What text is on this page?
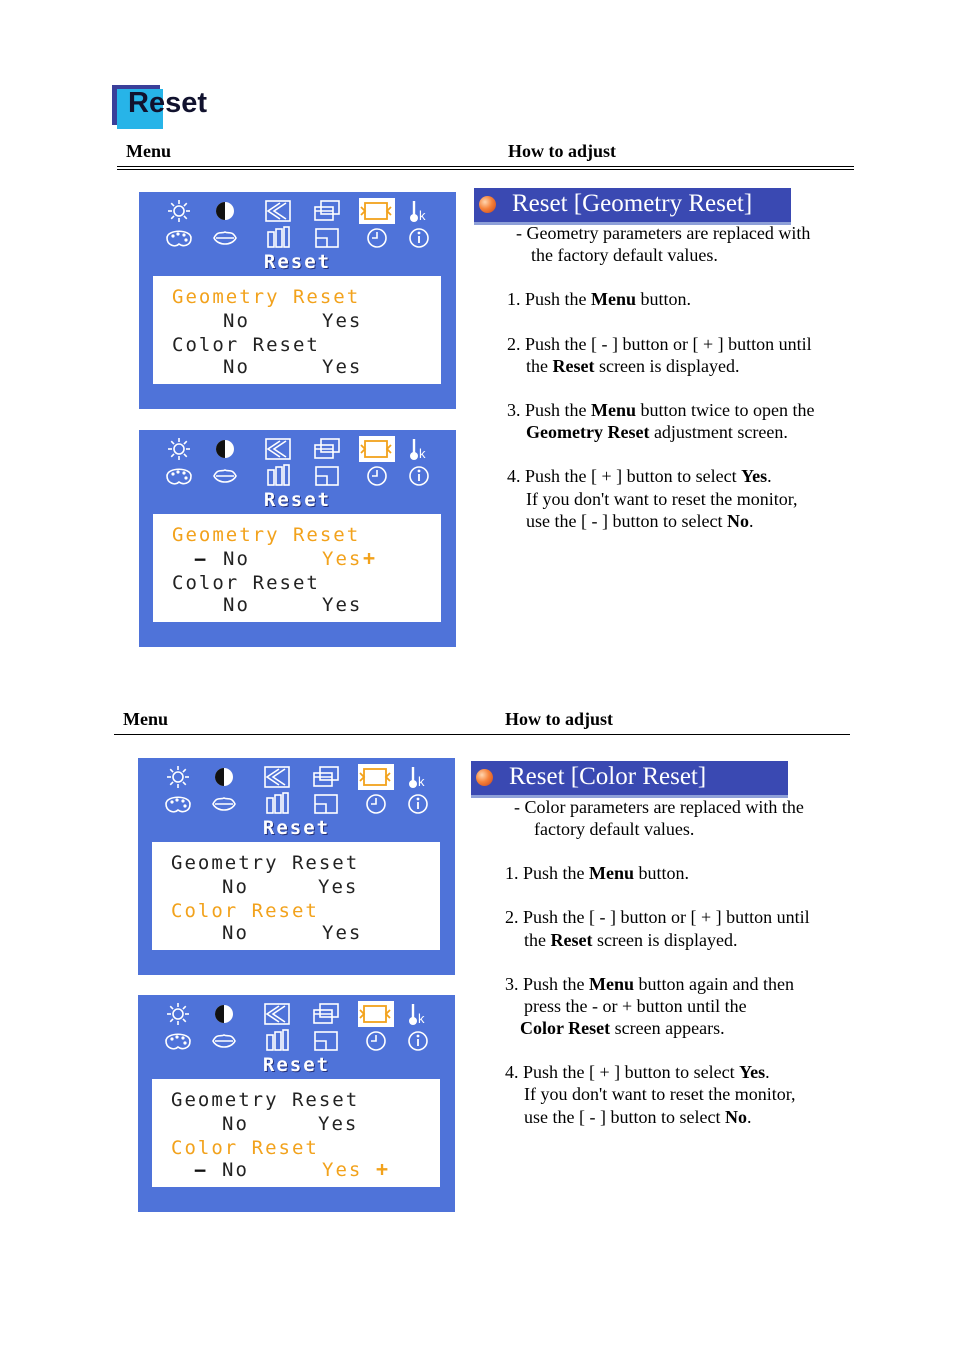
Reset
Menu	How to adjust
k
Reset
Geometry Reset
No	Yes
Color Reset
No	Yes
k
Reset
Geometry Reset
− No	Yes +
Color Reset
No	Yes
Reset [Geometry Reset]
- Geometry parameters are replaced with
the factory default values.
1. Push the Menu button.
2. Push the [ - ] button or [ + ] button until
the Reset screen is displayed.
3. Push the Menu button twice to open the
Geometry Reset adjustment screen.
4. Push the [ + ] button to select Yes.
If you don't want to reset the monitor,
use the [ - ] button to select No.
Menu	How to adjust
k
Reset
Geometry Reset
No	Yes
Color Reset
No	Yes
k
Reset
Geometry Reset
No	Yes
Color Reset
− No	Yes +
Reset [Color Reset]
- Color parameters are replaced with the
factory default values.
1. Push the Menu button.
2. Push the [ - ] button or [ + ] button until
the Reset screen is displayed.
3. Push the Menu button again and then
press the - or + button until the
Color Reset screen appears.
4. Push the [ + ] button to select Yes.
If you don't want to reset the monitor,
use the [ - ] button to select No.
